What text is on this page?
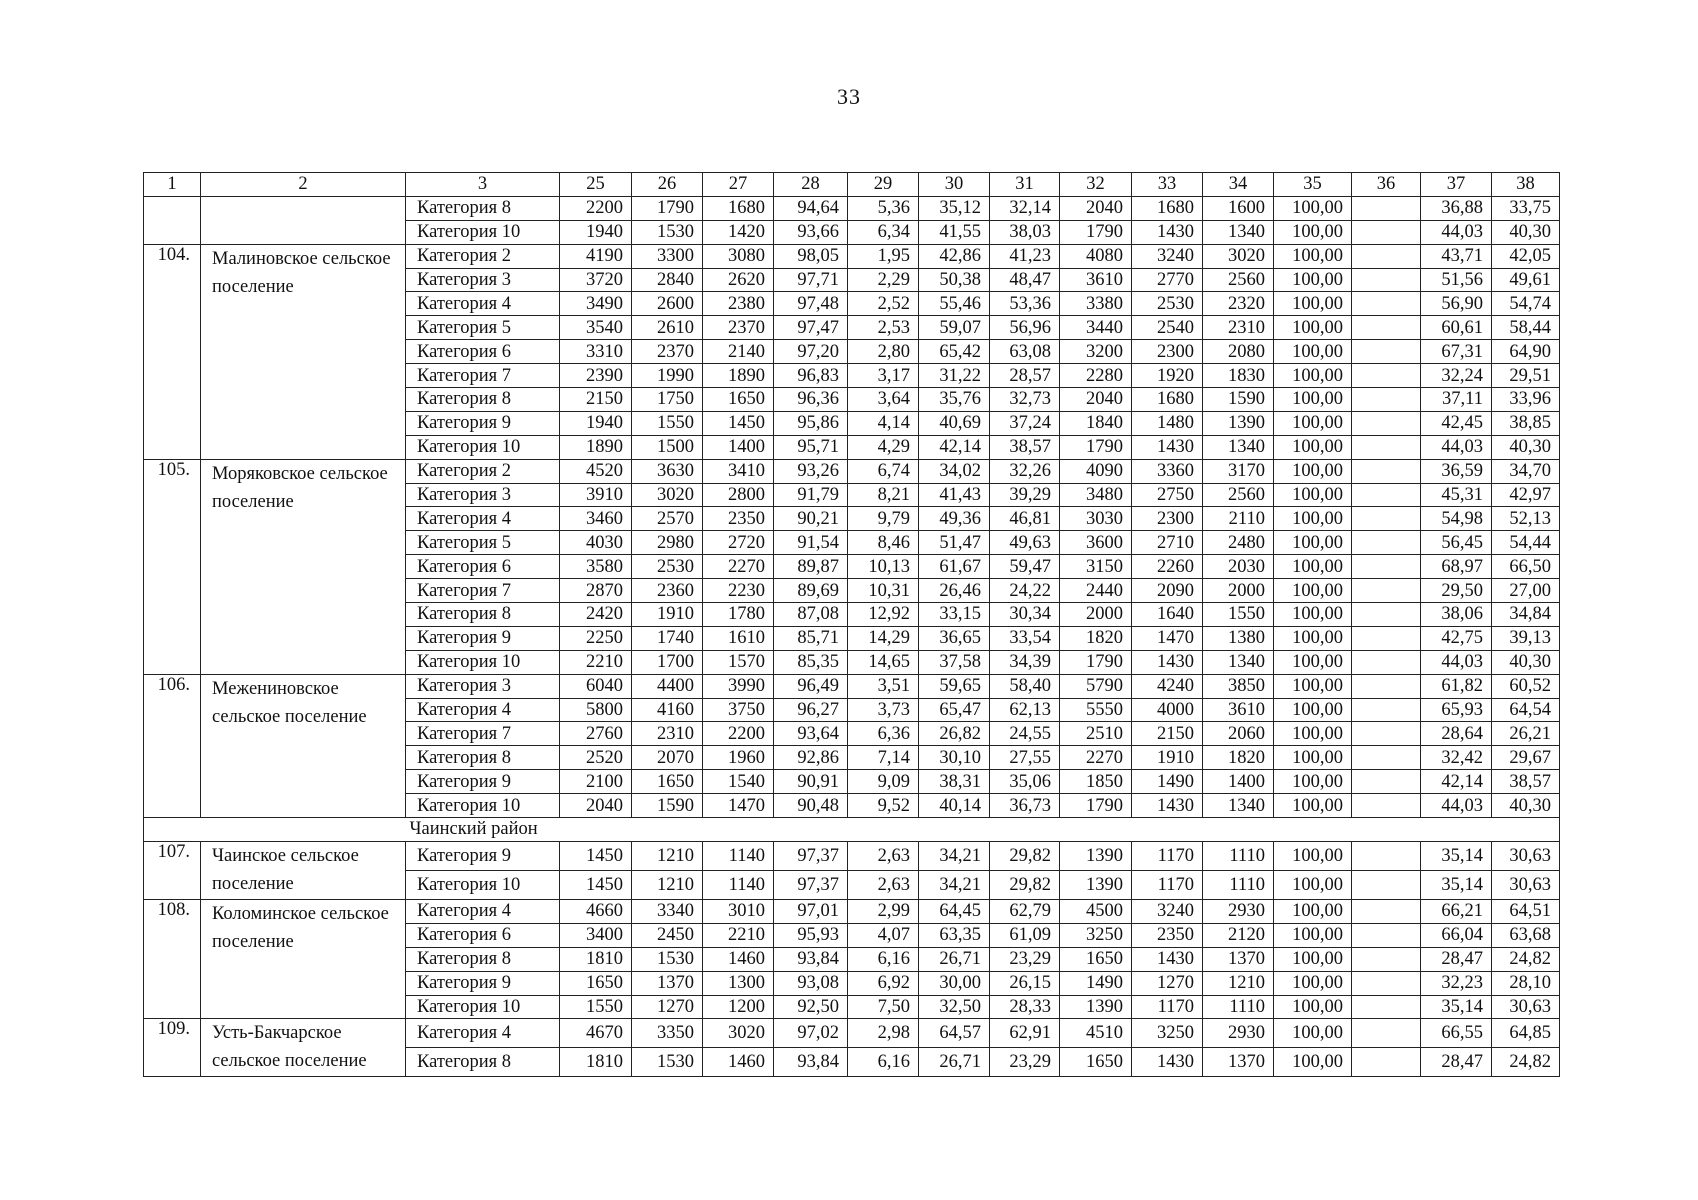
33
1	2	3	25	26	27	28	29	30	31	32	33	34	35	36	37	38
		Категория 8	2200	1790	1680	94,64	5,36	35,12	32,14	2040	1680	1600	100,00		36,88	33,75
		Категория 10	1940	1530	1420	93,66	6,34	41,55	38,03	1790	1430	1340	100,00		44,03	40,30
104.	Малиновское сельское поселение	Категория 2	4190	3300	3080	98,05	1,95	42,86	41,23	4080	3240	3020	100,00		43,71	42,05
		Категория 3	3720	2840	2620	97,71	2,29	50,38	48,47	3610	2770	2560	100,00		51,56	49,61
		Категория 4	3490	2600	2380	97,48	2,52	55,46	53,36	3380	2530	2320	100,00		56,90	54,74
		Категория 5	3540	2610	2370	97,47	2,53	59,07	56,96	3440	2540	2310	100,00		60,61	58,44
		Категория 6	3310	2370	2140	97,20	2,80	65,42	63,08	3200	2300	2080	100,00		67,31	64,90
		Категория 7	2390	1990	1890	96,83	3,17	31,22	28,57	2280	1920	1830	100,00		32,24	29,51
		Категория 8	2150	1750	1650	96,36	3,64	35,76	32,73	2040	1680	1590	100,00		37,11	33,96
		Категория 9	1940	1550	1450	95,86	4,14	40,69	37,24	1840	1480	1390	100,00		42,45	38,85
		Категория 10	1890	1500	1400	95,71	4,29	42,14	38,57	1790	1430	1340	100,00		44,03	40,30
105.	Моряковское сельское поселение	Категория 2	4520	3630	3410	93,26	6,74	34,02	32,26	4090	3360	3170	100,00		36,59	34,70
		Категория 3	3910	3020	2800	91,79	8,21	41,43	39,29	3480	2750	2560	100,00		45,31	42,97
		Категория 4	3460	2570	2350	90,21	9,79	49,36	46,81	3030	2300	2110	100,00		54,98	52,13
		Категория 5	4030	2980	2720	91,54	8,46	51,47	49,63	3600	2710	2480	100,00		56,45	54,44
		Категория 6	3580	2530	2270	89,87	10,13	61,67	59,47	3150	2260	2030	100,00		68,97	66,50
		Категория 7	2870	2360	2230	89,69	10,31	26,46	24,22	2440	2090	2000	100,00		29,50	27,00
		Категория 8	2420	1910	1780	87,08	12,92	33,15	30,34	2000	1640	1550	100,00		38,06	34,84
		Категория 9	2250	1740	1610	85,71	14,29	36,65	33,54	1820	1470	1380	100,00		42,75	39,13
		Категория 10	2210	1700	1570	85,35	14,65	37,58	34,39	1790	1430	1340	100,00		44,03	40,30
106.	Межениновское сельское поселение	Категория 3	6040	4400	3990	96,49	3,51	59,65	58,40	5790	4240	3850	100,00		61,82	60,52
		Категория 4	5800	4160	3750	96,27	3,73	65,47	62,13	5550	4000	3610	100,00		65,93	64,54
		Категория 7	2760	2310	2200	93,64	6,36	26,82	24,55	2510	2150	2060	100,00		28,64	26,21
		Категория 8	2520	2070	1960	92,86	7,14	30,10	27,55	2270	1910	1820	100,00		32,42	29,67
		Категория 9	2100	1650	1540	90,91	9,09	38,31	35,06	1850	1490	1400	100,00		42,14	38,57
		Категория 10	2040	1590	1470	90,48	9,52	40,14	36,73	1790	1430	1340	100,00		44,03	40,30
		Чаинский район														
107.	Чаинское сельское поселение	Категория 9	1450	1210	1140	97,37	2,63	34,21	29,82	1390	1170	1110	100,00		35,14	30,63
		Категория 10	1450	1210	1140	97,37	2,63	34,21	29,82	1390	1170	1110	100,00		35,14	30,63
108.	Коломинское сельское поселение	Категория 4	4660	3340	3010	97,01	2,99	64,45	62,79	4500	3240	2930	100,00		66,21	64,51
		Категория 6	3400	2450	2210	95,93	4,07	63,35	61,09	3250	2350	2120	100,00		66,04	63,68
		Категория 8	1810	1530	1460	93,84	6,16	26,71	23,29	1650	1430	1370	100,00		28,47	24,82
		Категория 9	1650	1370	1300	93,08	6,92	30,00	26,15	1490	1270	1210	100,00		32,23	28,10
		Категория 10	1550	1270	1200	92,50	7,50	32,50	28,33	1390	1170	1110	100,00		35,14	30,63
109.	Усть-Бакчарское сельское поселение	Категория 4	4670	3350	3020	97,02	2,98	64,57	62,91	4510	3250	2930	100,00		66,55	64,85
		Категория 8	1810	1530	1460	93,84	6,16	26,71	23,29	1650	1430	1370	100,00		28,47	24,82
